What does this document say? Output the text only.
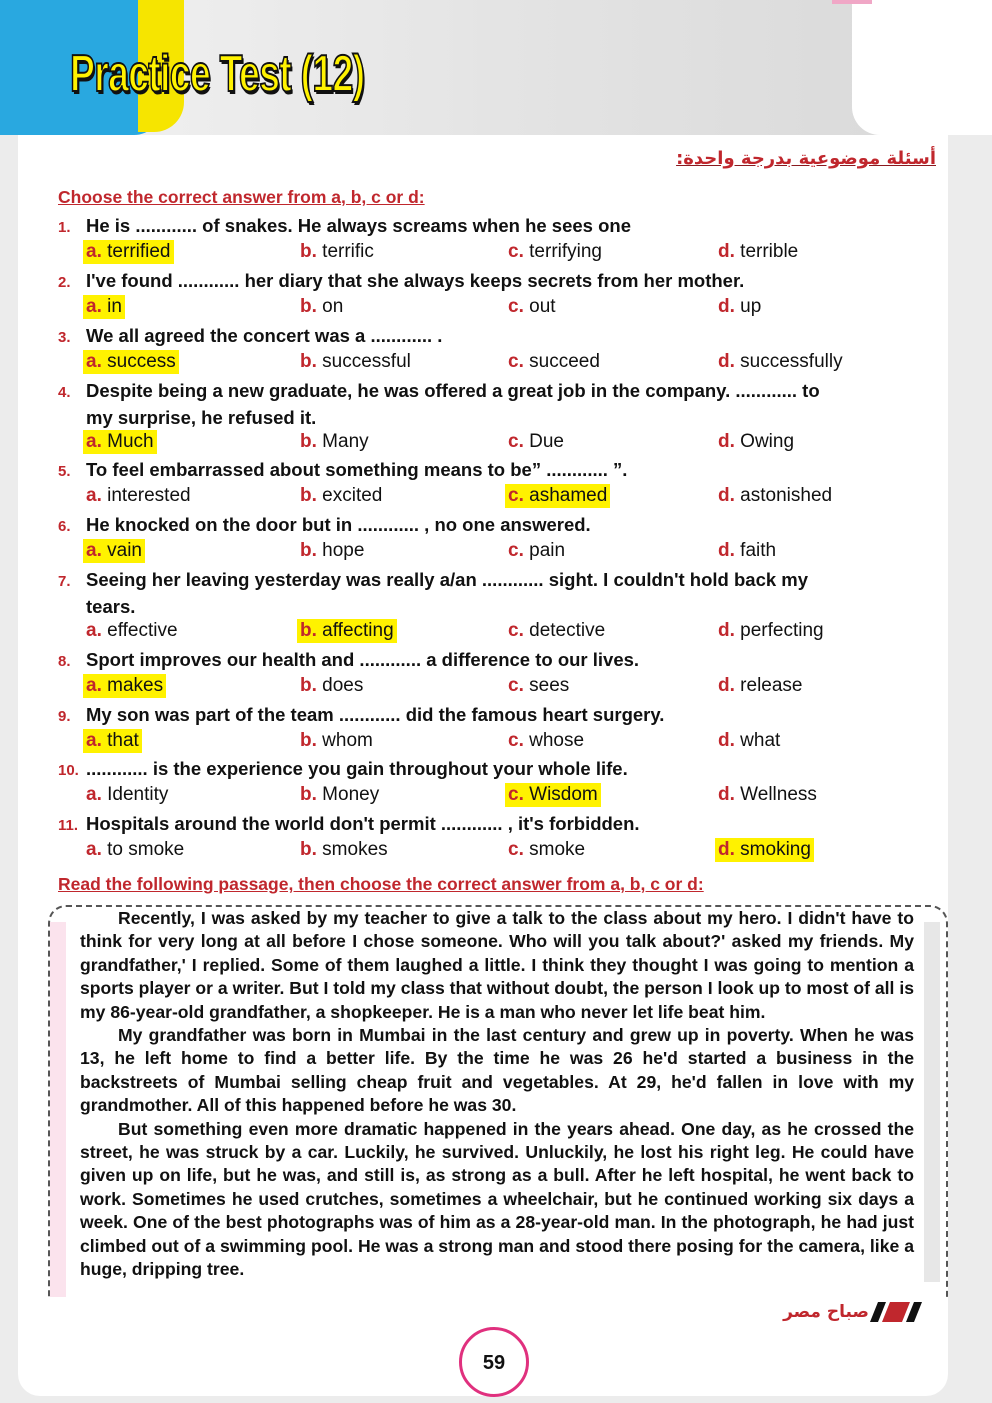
Practice Test (12)
أسئلة موضوعية بدرجة واحدة:
Choose the correct answer from a, b, c or d:
1. He is ............ of snakes. He always screams when he sees one
a. terrified	b. terrific	c. terrifying	d. terrible
2. I've found ............ her diary that she always keeps secrets from her mother.
a. in	b. on	c. out	d. up
3. We all agreed the concert was a ............ .
a. success	b. successful	c. succeed	d. successfully
4. Despite being a new graduate, he was offered a great job in the company. ............ to
my surprise, he refused it.
a. Much	b. Many	c. Due	d. Owing
5. To feel embarrassed about something means to be” ............ ”.
a. interested	b. excited	c. ashamed	d. astonished
6. He knocked on the door but in ............ , no one answered.
a. vain	b. hope	c. pain	d. faith
7. Seeing her leaving yesterday was really a/an ............ sight. I couldn't hold back my
tears.
a. effective	b. affecting	c. detective	d. perfecting
8. Sport improves our health and ............ a difference to our lives.
a. makes	b. does	c. sees	d. release
9. My son was part of the team ............ did the famous heart surgery.
a. that	b. whom	c. whose	d. what
10. ............ is the experience you gain throughout your whole life.
a. Identity	b. Money	c. Wisdom	d. Wellness
11. Hospitals around the world don't permit ............ , it's forbidden.
a. to smoke	b. smokes	c. smoke	d. smoking
Read the following passage, then choose the correct answer from a, b, c or d:

Recently, I was asked by my teacher to give a talk to the class about my hero. I didn't have to think for very long at all before I chose someone. Who will you talk about?' asked my friends. My grandfather,' I replied. Some of them laughed a little. I think they thought I was going to mention a sports player or a writer. But I told my class that without doubt, the person I look up to most of all is my 86-year-old grandfather, a shopkeeper. He is a man who never let life beat him.

My grandfather was born in Mumbai in the last century and grew up in poverty. When he was 13, he left home to find a better life. By the time he was 26 he'd started a business in the backstreets of Mumbai selling cheap fruit and vegetables. At 29, he'd fallen in love with my grandmother. All of this happened before he was 30.

But something even more dramatic happened in the years ahead. One day, as he crossed the street, he was struck by a car. Luckily, he survived. Unluckily, he lost his right leg. He could have given up on life, but he was, and still is, as strong as a bull. After he left hospital, he went back to work. Sometimes he used crutches, sometimes a wheelchair, but he continued working six days a week. One of the best photographs was of him as a 28-year-old man. In the photograph, he had just climbed out of a swimming pool. He was a strong man and stood there posing for the camera, like a huge, dripping tree.

صباح مصر
59
